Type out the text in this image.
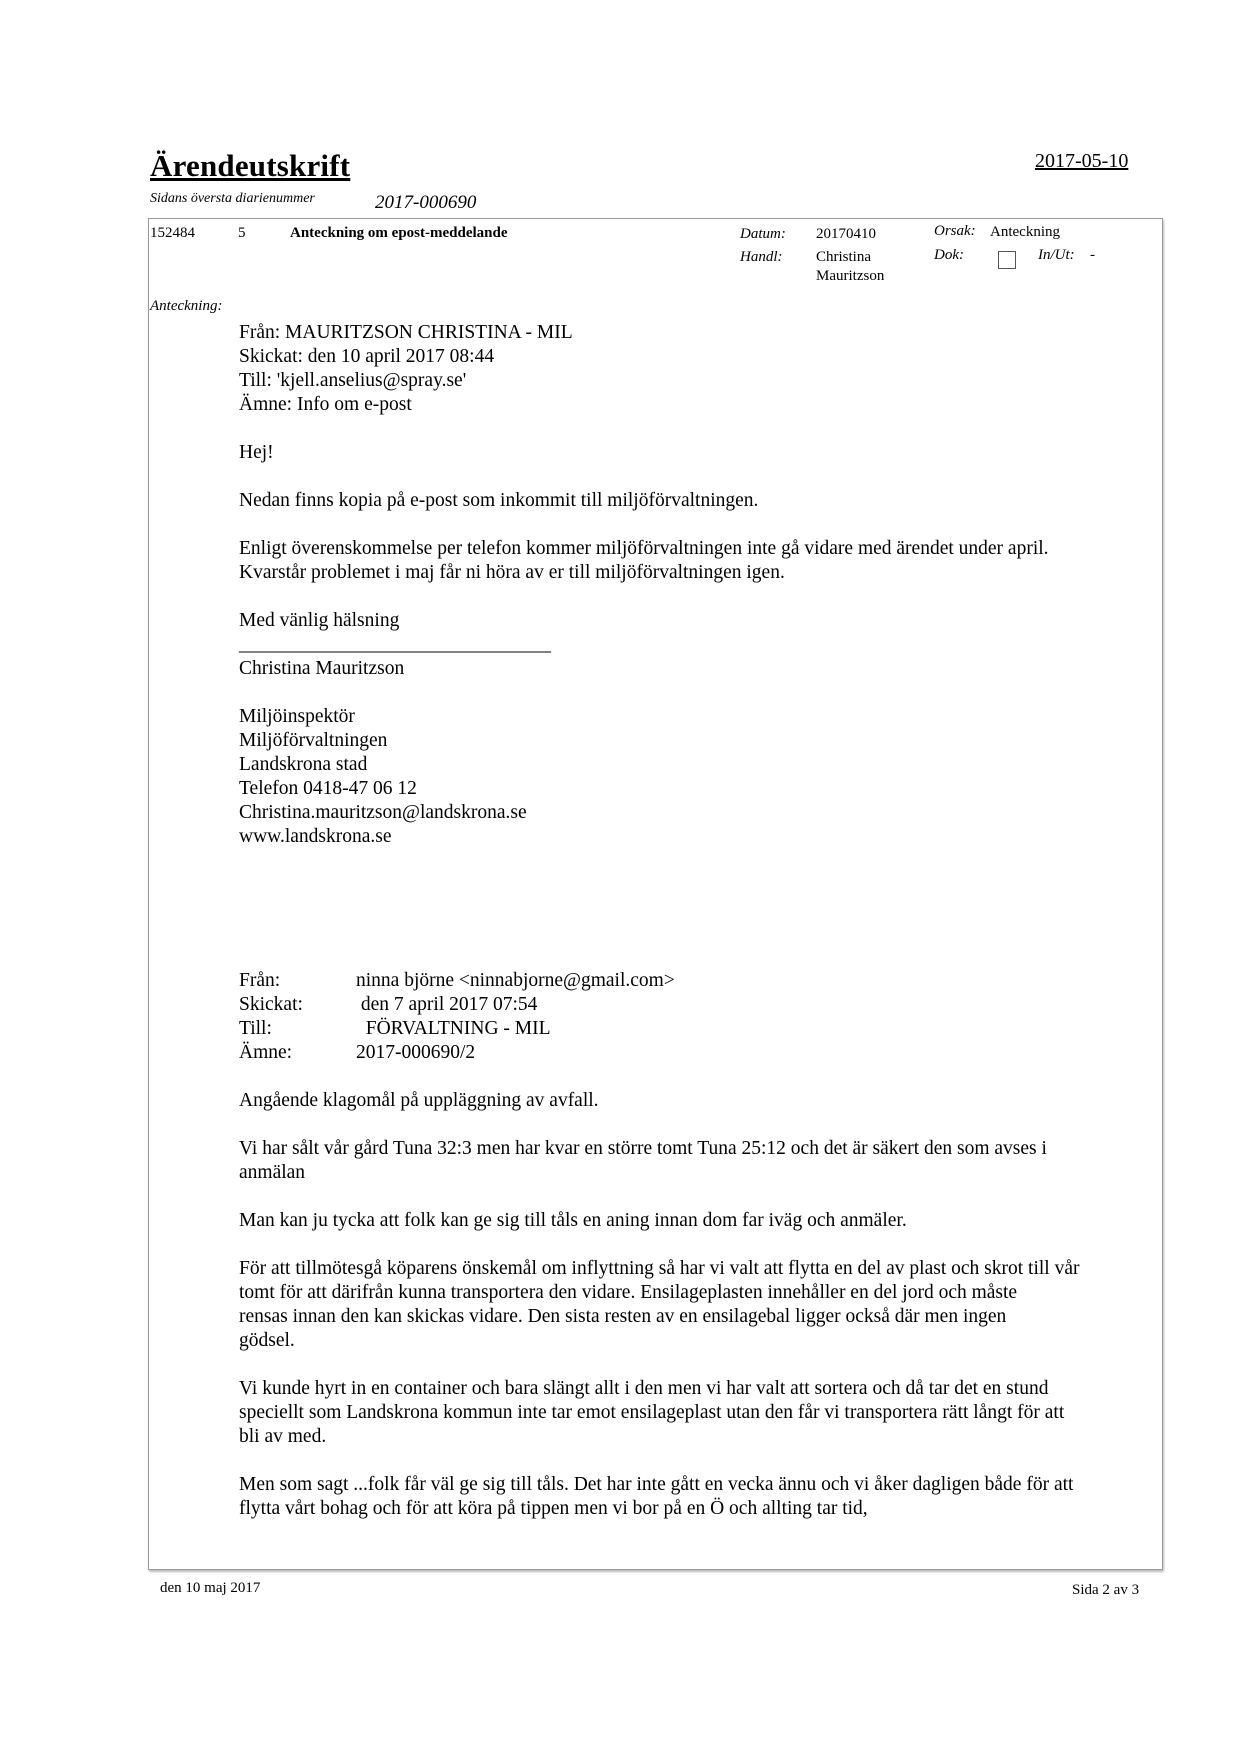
Ärendeutskrift	2017-05-10
Sidans översta diarienummer	2017-000690
152484	5	Anteckning om epost-meddelande	Datum: 20170410
Handl: Christina
Mauritzson
Orsak: Anteckning
Dok:	In/Ut: -
Anteckning:
Från: MAURITZSON CHRISTINA - MIL
Skickat: den 10 april 2017 08:44
Till: 'kjell.anselius@spray.se'
Ämne: Info om e-post
Hej!
Nedan finns kopia på e-post som inkommit till miljöförvaltningen.
Enligt överenskommelse per telefon kommer miljöförvaltningen inte gå vidare med ärendet under april.
Kvarstår problemet i maj får ni höra av er till miljöförvaltningen igen.
Med vänlig hälsning
________________________________
Christina Mauritzson
Miljöinspektör
Miljöförvaltningen
Landskrona stad
Telefon 0418-47 06 12
Christina.mauritzson@landskrona.se
www.landskrona.se
Från:	ninna björne <ninnabjorne@gmail.com>
Skickat:	den 7 april 2017 07:54
Till:	FÖRVALTNING - MIL
Ämne:	2017-000690/2
Angående klagomål på uppläggning av avfall.
Vi har sålt vår gård Tuna 32:3 men har kvar en större tomt Tuna 25:12 och det är säkert den som avses i
anmälan
Man kan ju tycka att folk kan ge sig till tåls en aning innan dom far iväg och anmäler.
För att tillmötesgå köparens önskemål om inflyttning så har vi valt att flytta en del av plast och skrot till vår
tomt för att därifrån kunna transportera den vidare. Ensilageplasten innehåller en del jord och måste
rensas innan den kan skickas vidare. Den sista resten av en ensilagebal ligger också där men ingen
gödsel.
Vi kunde hyrt in en container och bara slängt allt i den men vi har valt att sortera och då tar det en stund
speciellt som Landskrona kommun inte tar emot ensilageplast utan den får vi transportera rätt långt för att
bli av med.
Men som sagt ...folk får väl ge sig till tåls. Det har inte gått en vecka ännu och vi åker dagligen både för att
flytta vårt bohag och för att köra på tippen men vi bor på en Ö och allting tar tid,
den 10 maj 2017	Sida 2 av 3
